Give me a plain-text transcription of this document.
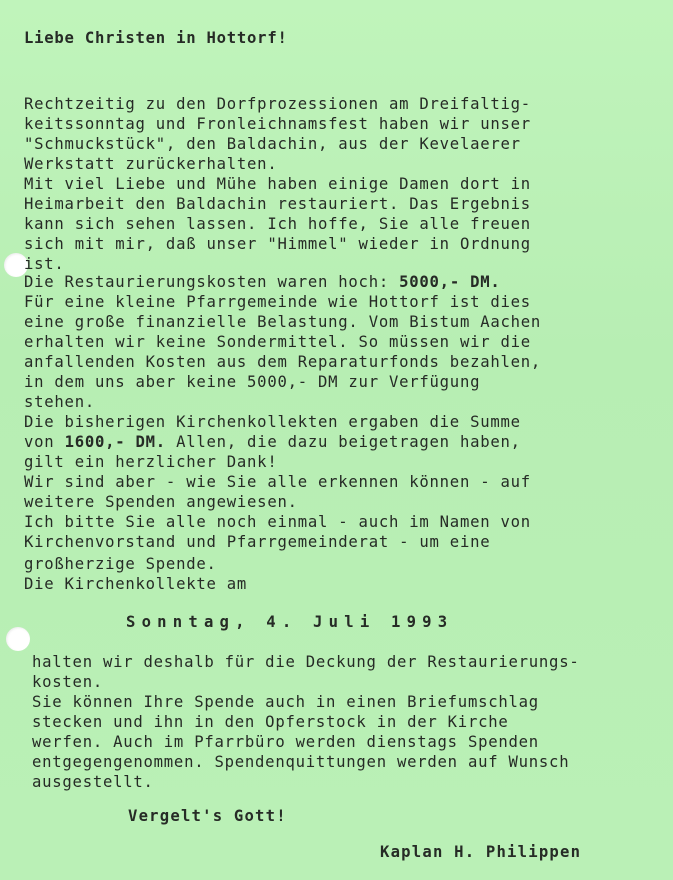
Liebe Christen in Hottorf!
Rechtzeitig zu den Dorfprozessionen am Dreifaltig-
keitssonntag und Fronleichnamsfest haben wir unser
"Schmuckstück", den Baldachin, aus der Kevelaerer
Werkstatt zurückerhalten.
Mit viel Liebe und Mühe haben einige Damen dort in
Heimarbeit den Baldachin restauriert. Das Ergebnis
kann sich sehen lassen. Ich hoffe, Sie alle freuen
sich mit mir, daß unser "Himmel" wieder in Ordnung
ist.
Die Restaurierungskosten waren hoch: 5000,- DM.
Für eine kleine Pfarrgemeinde wie Hottorf ist dies
eine große finanzielle Belastung. Vom Bistum Aachen
erhalten wir keine Sondermittel. So müssen wir die
anfallenden Kosten aus dem Reparaturfonds bezahlen,
in dem uns aber keine 5000,- DM zur Verfügung
stehen.
Die bisherigen Kirchenkollekten ergaben die Summe
von 1600,- DM. Allen, die dazu beigetragen haben,
gilt ein herzlicher Dank!
Wir sind aber - wie Sie alle erkennen können - auf
weitere Spenden angewiesen.
Ich bitte Sie alle noch einmal - auch im Namen von
Kirchenvorstand und Pfarrgemeinderat - um eine
großherzige Spende.
Die Kirchenkollekte am
Sonntag, 4. Juli 1993
halten wir deshalb für die Deckung der Restaurierungs-
kosten.
Sie können Ihre Spende auch in einen Briefumschlag
stecken und ihn in den Opferstock in der Kirche
werfen. Auch im Pfarrbüro werden dienstags Spenden
entgegengenommen. Spendenquittungen werden auf Wunsch
ausgestellt.
Vergelt's Gott!
Kaplan H. Philippen
